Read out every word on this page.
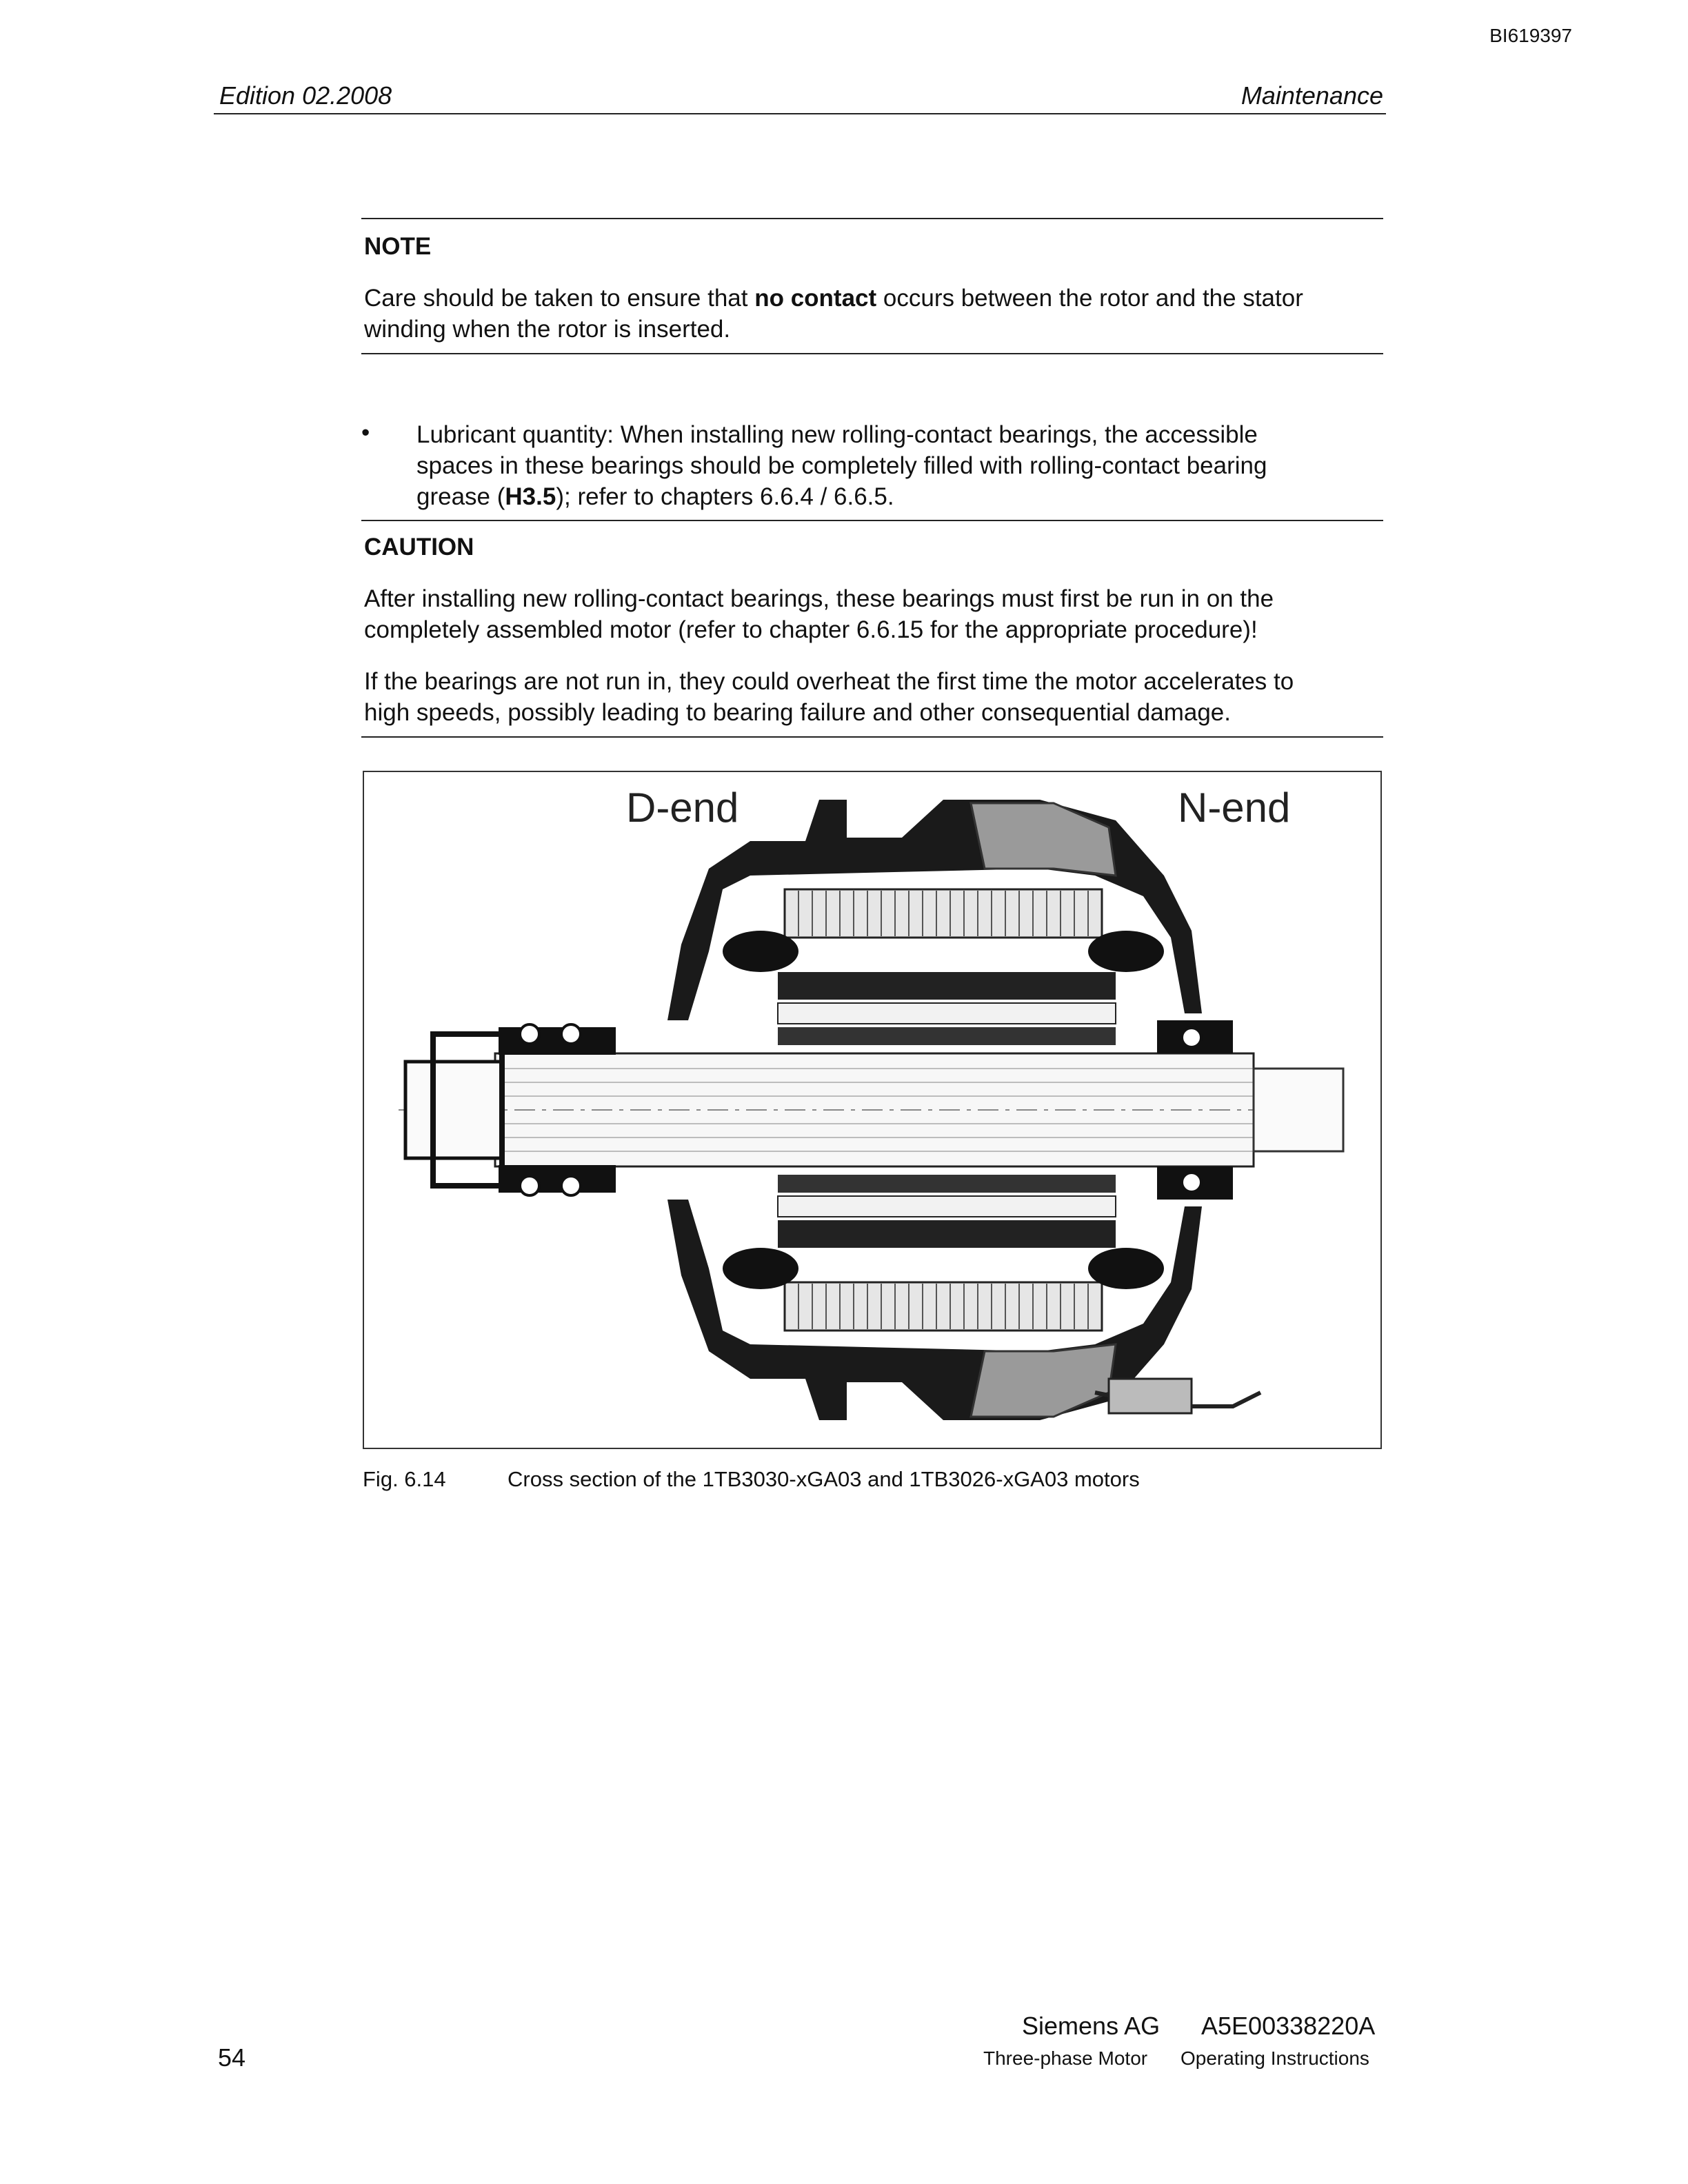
BI619397
Edition 02.2008	Maintenance
NOTE
Care should be taken to ensure that no contact occurs between the rotor and the stator
winding when the rotor is inserted.
• Lubricant quantity: When installing new rolling-contact bearings, the accessible
spaces in these bearings should be completely filled with rolling-contact bearing
grease (H3.5); refer to chapters 6.6.4 / 6.6.5.
CAUTION
After installing new rolling-contact bearings, these bearings must first be run in on the
completely assembled motor (refer to chapter 6.6.15 for the appropriate procedure)!
If the bearings are not run in, they could overheat the first time the motor accelerates to
high speeds, possibly leading to bearing failure and other consequential damage.
D-end	N-end
Fig. 6.14	Cross section of the 1TB3030-xGA03 and 1TB3026-xGA03 motors
54
Siemens AG A5E00338220A
Three-phase Motor Operating Instructions
